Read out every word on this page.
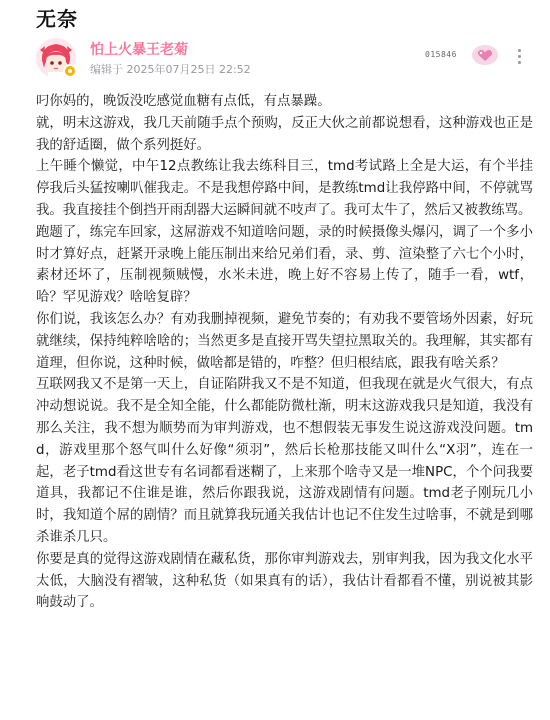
无奈
怕上火暴王老菊
编辑于 2025年07月25日 22:52
015846

叼你妈的，晚饭没吃感觉血糖有点低，有点暴躁。

就，明末这游戏，我几天前随手点个预购，反正大伙之前都说想看，这种游戏也正是我的舒适圈，做个系列挺好。

上午睡个懒觉，中午12点教练让我去练科目三，tmd考试路上全是大运，有个半挂停我后头猛按喇叭催我走。不是我想停路中间，是教练tmd让我停路中间，不停就骂我。我直接挂个倒挡开雨刮器大运瞬间就不吱声了。我可太牛了，然后又被教练骂。

跑题了，练完车回家，这屌游戏不知道啥问题，录的时候摄像头爆闪，调了一个多小时才算好点，赶紧开录晚上能压制出来给兄弟们看，录、剪、渲染整了六七个小时，素材还坏了，压制视频贼慢，水米未进，晚上好不容易上传了，随手一看，wtf，哈？罕见游戏？啥啥复辟？

你们说，我该怎么办？有劝我删掉视频，避免节奏的；有劝我不要管场外因素，好玩就继续，保持纯粹啥啥的；当然更多是直接开骂失望拉黑取关的。我理解，其实都有道理，但你说，这种时候，做啥都是错的，咋整？但归根结底，跟我有啥关系？

互联网我又不是第一天上，自证陷阱我又不是不知道，但我现在就是火气很大，有点冲动想说说。我不是全知全能，什么都能防微杜渐，明末这游戏我只是知道，我没有那么关注，我不想为顺势而为审判游戏，也不想假装无事发生说这游戏没问题。tmd，游戏里那个怒气叫什么好像“须羽”，然后长枪那技能又叫什么“X羽”，连在一起，老子tmd看这世专有名词都看迷糊了，上来那个啥寺又是一堆NPC，个个问我要道具，我都记不住谁是谁，然后你跟我说，这游戏剧情有问题。tmd老子刚玩几小时，我知道个屌的剧情？而且就算我玩通关我估计也记不住发生过啥事，不就是到哪杀谁杀几只。

你要是真的觉得这游戏剧情在藏私货，那你审判游戏去，别审判我，因为我文化水平太低，大脑没有褶皱，这种私货（如果真有的话），我估计看都看不懂，别说被其影响鼓动了。
